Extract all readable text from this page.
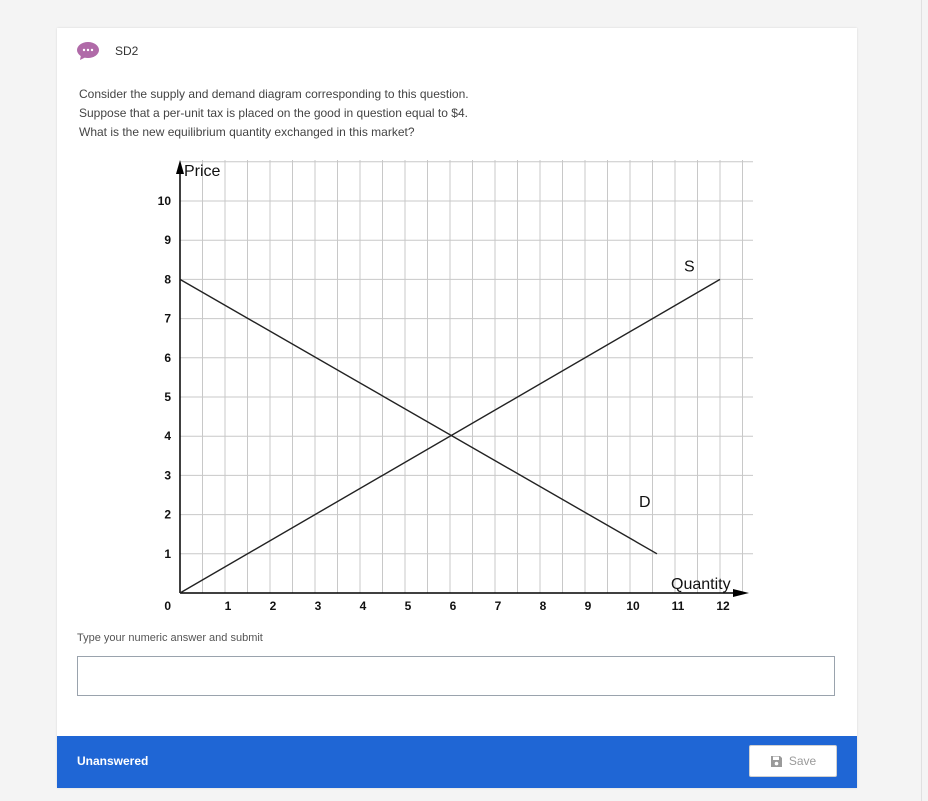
SD2
Consider the supply and demand diagram corresponding to this question.
Suppose that a per-unit tax is placed on the good in question equal to $4.
What is the new equilibrium quantity exchanged in this market?
Price
Quantity
1
2
3
4
5
6
7
8
9
10
0	1	2	3	4	5	6	7	8	9	10	11	12
S
D
Type your numeric answer and submit
Unanswered	Save
